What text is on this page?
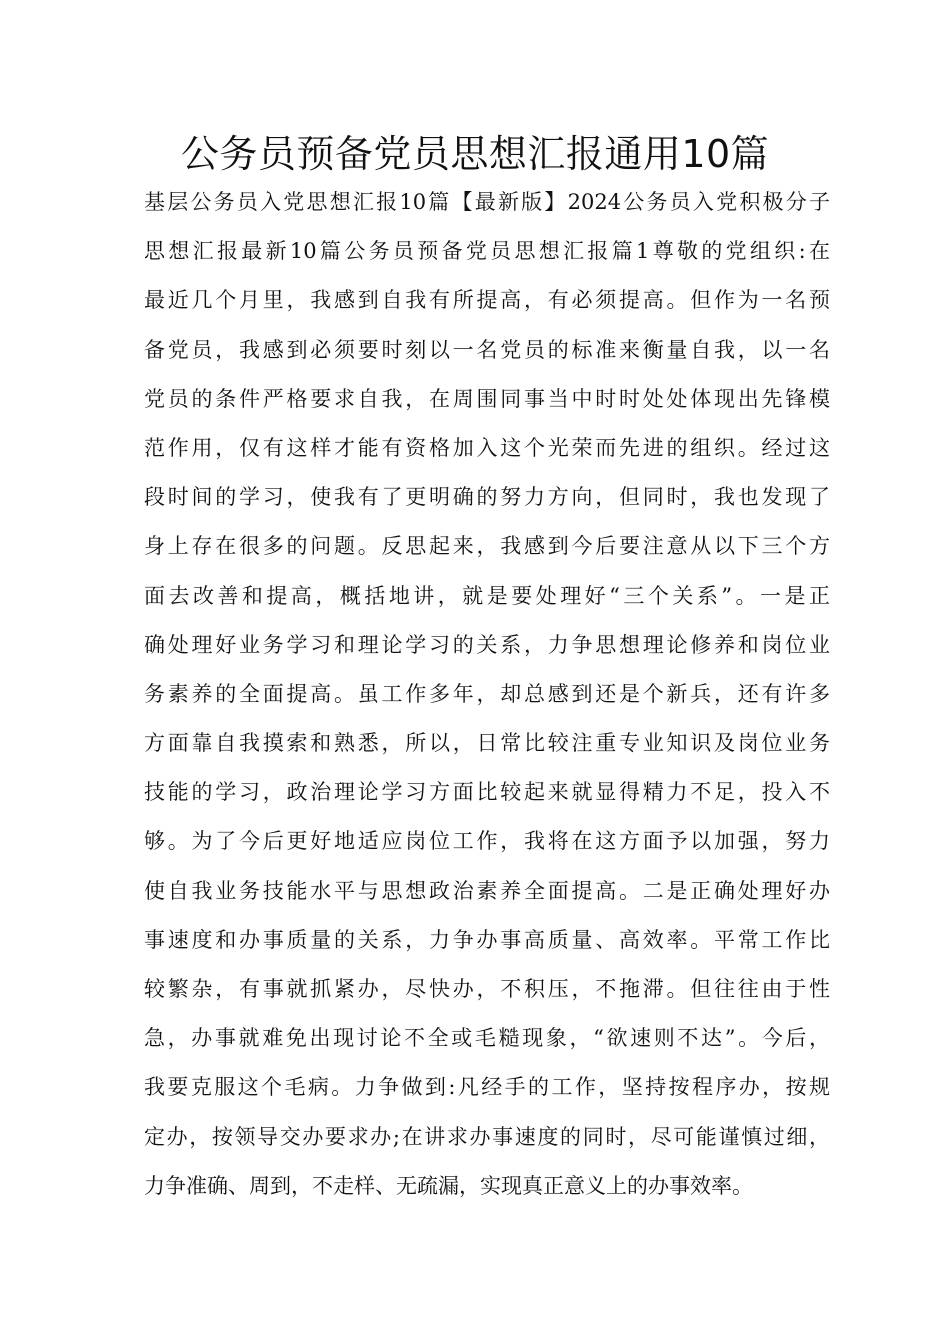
公务员预备党员思想汇报通用10篇
基层公务员入党思想汇报10篇【最新版】2024公务员入党积极分子
思想汇报最新10篇公务员预备党员思想汇报篇1尊敬的党组织:在
最近几个月里，我感到自我有所提高，有必须提高。但作为一名预
备党员，我感到必须要时刻以一名党员的标准来衡量自我，以一名
党员的条件严格要求自我，在周围同事当中时时处处体现出先锋模
范作用，仅有这样才能有资格加入这个光荣而先进的组织。经过这
段时间的学习，使我有了更明确的努力方向，但同时，我也发现了
身上存在很多的问题。反思起来，我感到今后要注意从以下三个方
面去改善和提高，概括地讲，就是要处理好“三个关系”。一是正
确处理好业务学习和理论学习的关系，力争思想理论修养和岗位业
务素养的全面提高。虽工作多年，却总感到还是个新兵，还有许多
方面靠自我摸索和熟悉，所以，日常比较注重专业知识及岗位业务
技能的学习，政治理论学习方面比较起来就显得精力不足，投入不
够。为了今后更好地适应岗位工作，我将在这方面予以加强，努力
使自我业务技能水平与思想政治素养全面提高。二是正确处理好办
事速度和办事质量的关系，力争办事高质量、高效率。平常工作比
较繁杂，有事就抓紧办，尽快办，不积压，不拖滞。但往往由于性
急，办事就难免出现讨论不全或毛糙现象，“欲速则不达”。今后，
我要克服这个毛病。力争做到:凡经手的工作，坚持按程序办，按规
定办，按领导交办要求办;在讲求办事速度的同时，尽可能谨慎过细，
力争准确、周到，不走样、无疏漏，实现真正意义上的办事效率。
